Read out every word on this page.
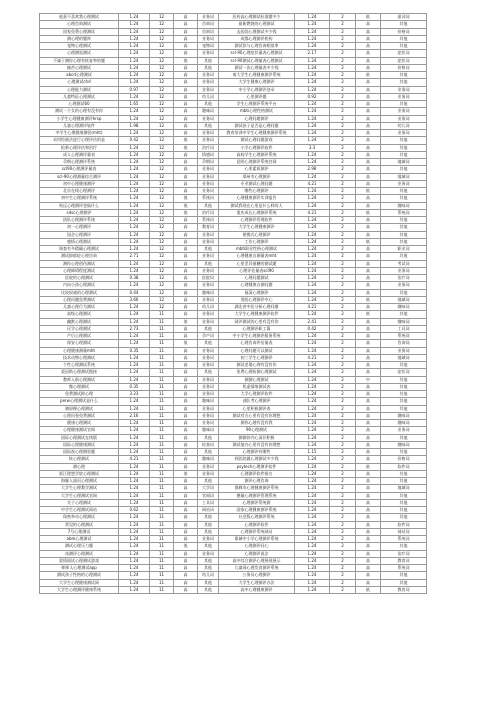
他嘉不喜欢我心理测试	1.24	12	高	业务词	医药高心理测试标准题多少	1.24	2	低	最词词
心理咨询测试	1.24	12	高	咨询词	最新燃烧的心理测试	1.24	2	高	其他
国家免费心理测试	1.24	12	高	咨询词	去医院心理测试多少钱	1.24	2	高	价格词
测心理的题库	1.24	12	高	业务词	成都心理测评机构	1.24	2	高	其他
宠物心理测试	1.24	12	高	宠物词	测试你与心理咨询相似率	1.24	2	高	其他
心理测验测试	1.24	12	高	业务词	scl-90心理症状量表心理测试	2.17	2	高	症状词
不属于测你心理有恢复率的题	1.24	12	低	其他	scl-90测试心理量表心理测试	1.24	2	高	症状词
痛苦心理测试	1.24	12	高	其他	测试一次心理量表多少钱	1.24	2	高	价格词
abcd心理测试	1.24	12	高	业务词	南大学生心理健康测评系统	1.24	2	低	其他
心理测试chd	1.24	12	高	业务词	大学生健康心理测评	1.24	2	高	其他
心理能力测试	0.97	12	高	业务词	中小学心理测评登录	1.24	2	高	业务词
儿童特征心理测试	1.24	12	高	幼儿词	心里测评题	0.92	2	高	业务词
心理测试60	1.65	12	高	其他	学生心理测评系统平台	1.24	2	高	其他
测试一个女的心理有没有你	1.24	12	高	趣味词	mbti心理性格测试	1.24	2	高	业务词
小学生心理健康测评hrsp	1.24	12	高	业务词	心理问题测评	1.24	2	高	业务词
儿童心理测评软件	1.98	12	高	其他	测试孩子是否是心理问题	1.24	2	高	幼儿词
中学生心理健康测验(mht)	1.24	12	高	业务词	教育培训中学生心理健康测评系统	1.24	2	高	业务词
采用绘画法进行心理评估的是	0.42	12	低	业务词	测试心理问题游戏	1.24	2	高	其他
抢救心理评估和治疗	1.24	12	低	治疗词	小学心理测评软件	3.3	2	高	其他
成人心理测评量表	1.24	12	高	情感词	高校学生心理测评系统	1.24	2	高	其他
孕期心理测评系统	1.24	12	高	孕期词	昆明心理测评系统官网	1.24	2	高	地域词
scl90心理测评量表	1.24	12	高	业务词	心里素质测评	2.98	2	高	其他
scl-90心理测量综合测评	1.24	12	高	业务词	郑州市心理测评	1.24	2	高	地域词
初中心理健康测评	1.24	12	高	业务词	专业测试心理问题	4.21	2	高	业务词
北京在线心理测评	1.24	12	高	业务词	哪些心理测评	1.24	2	低	其他
初中生心理测评系统	1.24	12	低	系统词	心理健康测评实训报告	1.24	2	高	其他
致远心理测评登陆什么	1.24	12	低	其他	测试我现在心里是什么样的人	1.24	2	高	趣味词
sdsc心理测评	1.24	12	低	治疗词	重庆成长心理测评系统	4.21	2	低	系统词
团队心理测评系统	1.24	12	高	系统词	心理测评管理软件	1.24	2	高	其他
初一心理测评	1.24	12	高	教育词	大学生心理健康测评	1.24	2	高	其他
国企心理测评	1.24	12	高	业务词	便携式心理测评	1.24	2	高	其他
感情心理测试	1.24	12	高	业务词	工作心理测评	1.24	2	低	其他
调查有多精确心理测试	1.24	12	高	其他	mbti职业性格心理测试	1.24	2	高	职业词
测试抑郁症心理咨询	2.71	12	高	业务词	心理健康自测量表mht	1.24	2	高	其他
测你心理创伤测试	1.24	12	高	其他	心里差异值糖的测试题	1.24	2	高	考试词
心理障碍程度测试	1.24	12	高	业务词	心理评估量表scl90	1.24	2	高	业务词
医院的心理测试	0.38	12	高	医院词	心理问题测试	1.24	2	高	治疗词
内向小孩心理测试	1.24	12	高	业务词	心理健康自测问题	1.24	2	高	业务词
比较权威的心理测试	0.44	12	高	趣味词	福清心理测评	1.24	2	高	其他
心理问题免费测试	3.66	12	高	业务词	贵阳心理测评中心	1.24	2	低	地域词
儿童心理行为测试	1.24	12	高	幼儿词	湖北省中医分析心理问题	4.21	2	高	趣味词
高级心理测试	1.24	11	高	业务词	大学生心理健康测评软件	1.24	2	低	其他
幽默心理测试	1.24	11	低	业务词	网评测试的心里有没有你	2.41	2	高	趣味词
厌学心理测试	2.73	11	高	其他	心理测评职工篇	0.42	2	高	工具词
产后心理测试	1.24	11	高	孕产词	中小学生心理测评服务系统	1.24	2	高	系统词
保安心理测试	1.24	11	低	其他	心理咨询评估量表	1.24	2	高	咨询词
心理健康测量mht	0.35	11	高	业务词	心理问题可以测试	1.24	2	高	业务词
技术动物心理测试	1.24	11	高	业务词	初三学生心理测评	4.21	2	高	地域词
个性心理测试系统	1.24	11	高	业务词	测试老婆心理有没有你	1.24	2	高	其他
爱因斯心理测试链接	1.24	11	高	其他	免费心理检测心理测试	1.24	2	高	症状词
教师入职心理测试	1.24	11	高	业务词	测测心理测试	1.24	2	中	其他
微心理测试	0.35	11	高	业务词	焦虑情绪测试表	1.24	2	高	其他
免费测试抑心理	3.23	11	高	业务词	大学心理测评软件	1.24	2	高	其他
perw心理测试是什么	1.24	11	高	趣味词	部队考心理测评	1.24	2	高	其他
测原棵心理测试	1.24	11	高	业务词	心里积极测评表	1.24	2	高	其他
心理问卷免费测试	2.16	11	高	业务词	测试对方心里有没有你理想	1.24	2	高	趣味词
健康心理测试	1.24	11	高	业务词	测你心理有没有我	1.24	2	高	趣味词
心理健康测试官网	1.24	11	高	趣味词	90心理测试	1.24	2	高	业务词
国际心理测试在线版	1.24	11	高	其他	测测你内心深层积极	1.24	2	高	其他
国际心理健康测试	1.24	11	高	检查词	测试他内心里有没有你理想	1.24	2	高	趣味词
国际视心理测验题	1.24	11	高	其他	心理测评有哪些	1.15	2	高	其他
恢心理测试	4.21	11	高	趣味词	到医院做心理测试多少钱	1.24	2	高	价格词
测心理	1.24	11	高	业务词	psytech心理测评软件	1.24	2	低	软件词
浙江理想学院心理测试	1.24	11	低	业务词	心理测评软件排名	1.24	2	高	其他
海豚人面问心理测试	1.24	11	高	其他	测评心理咨询	1.24	2	高	其他
大学生心理教学测试	1.24	11	高	大学词	邯郸市心理健康测评系统	1.24	2	高	地域词
大学生心理测试官网	1.24	11	高	官网词	德量心理测评管理系统	1.24	2	高	其他
关于心理测试	1.24	11	高	工具词	心理测评系统源	1.24	2	高	其他
中学生心理测试网站	0.62	11	高	网站词	国家心理健康测评系统	1.24	2	高	其他
保密举动心理测试	1.24	11	高	其他	社会版心理测评系统	1.24	2	高	其他
常见的心理测试	1.24	11	高	其他	心理测评软件	1.24	2	高	软件词
7号心理测试	1.24	11	高	其他	心理测评系统网站	1.24	2	高	网站词
abm心理测试	1.24	11	高	业务词	靠城中小学心理测评系统	1.24	2	高	系统词
测试心理压力题	1.24	11	低	其他	心理测评问心	1.24	2	高	其他
冰测评心理测试	1.24	11	高	业务词	心理测评说法	1.24	2	高	治疗词
爱情面试心理测试游戏	1.24	11	高	其他	高中综合测评心理展现展示	1.24	2	高	教育词
师师人心理测试app	1.24	11	高	其他	儿童网心理发育测评系统	1.24	2	高	系统词
测试孩子性格的心理测试	1.24	11	高	幼儿词	公务员心理测评	1.24	2	高	其他
大学生心理健康测试网	1.24	11	高	其他	大学生心理测评办法	1.24	2	高	其他
大学生心理测评健康系统	1.24	11	高	其他	高中心理健康测评	1.24	2	低	教育词
